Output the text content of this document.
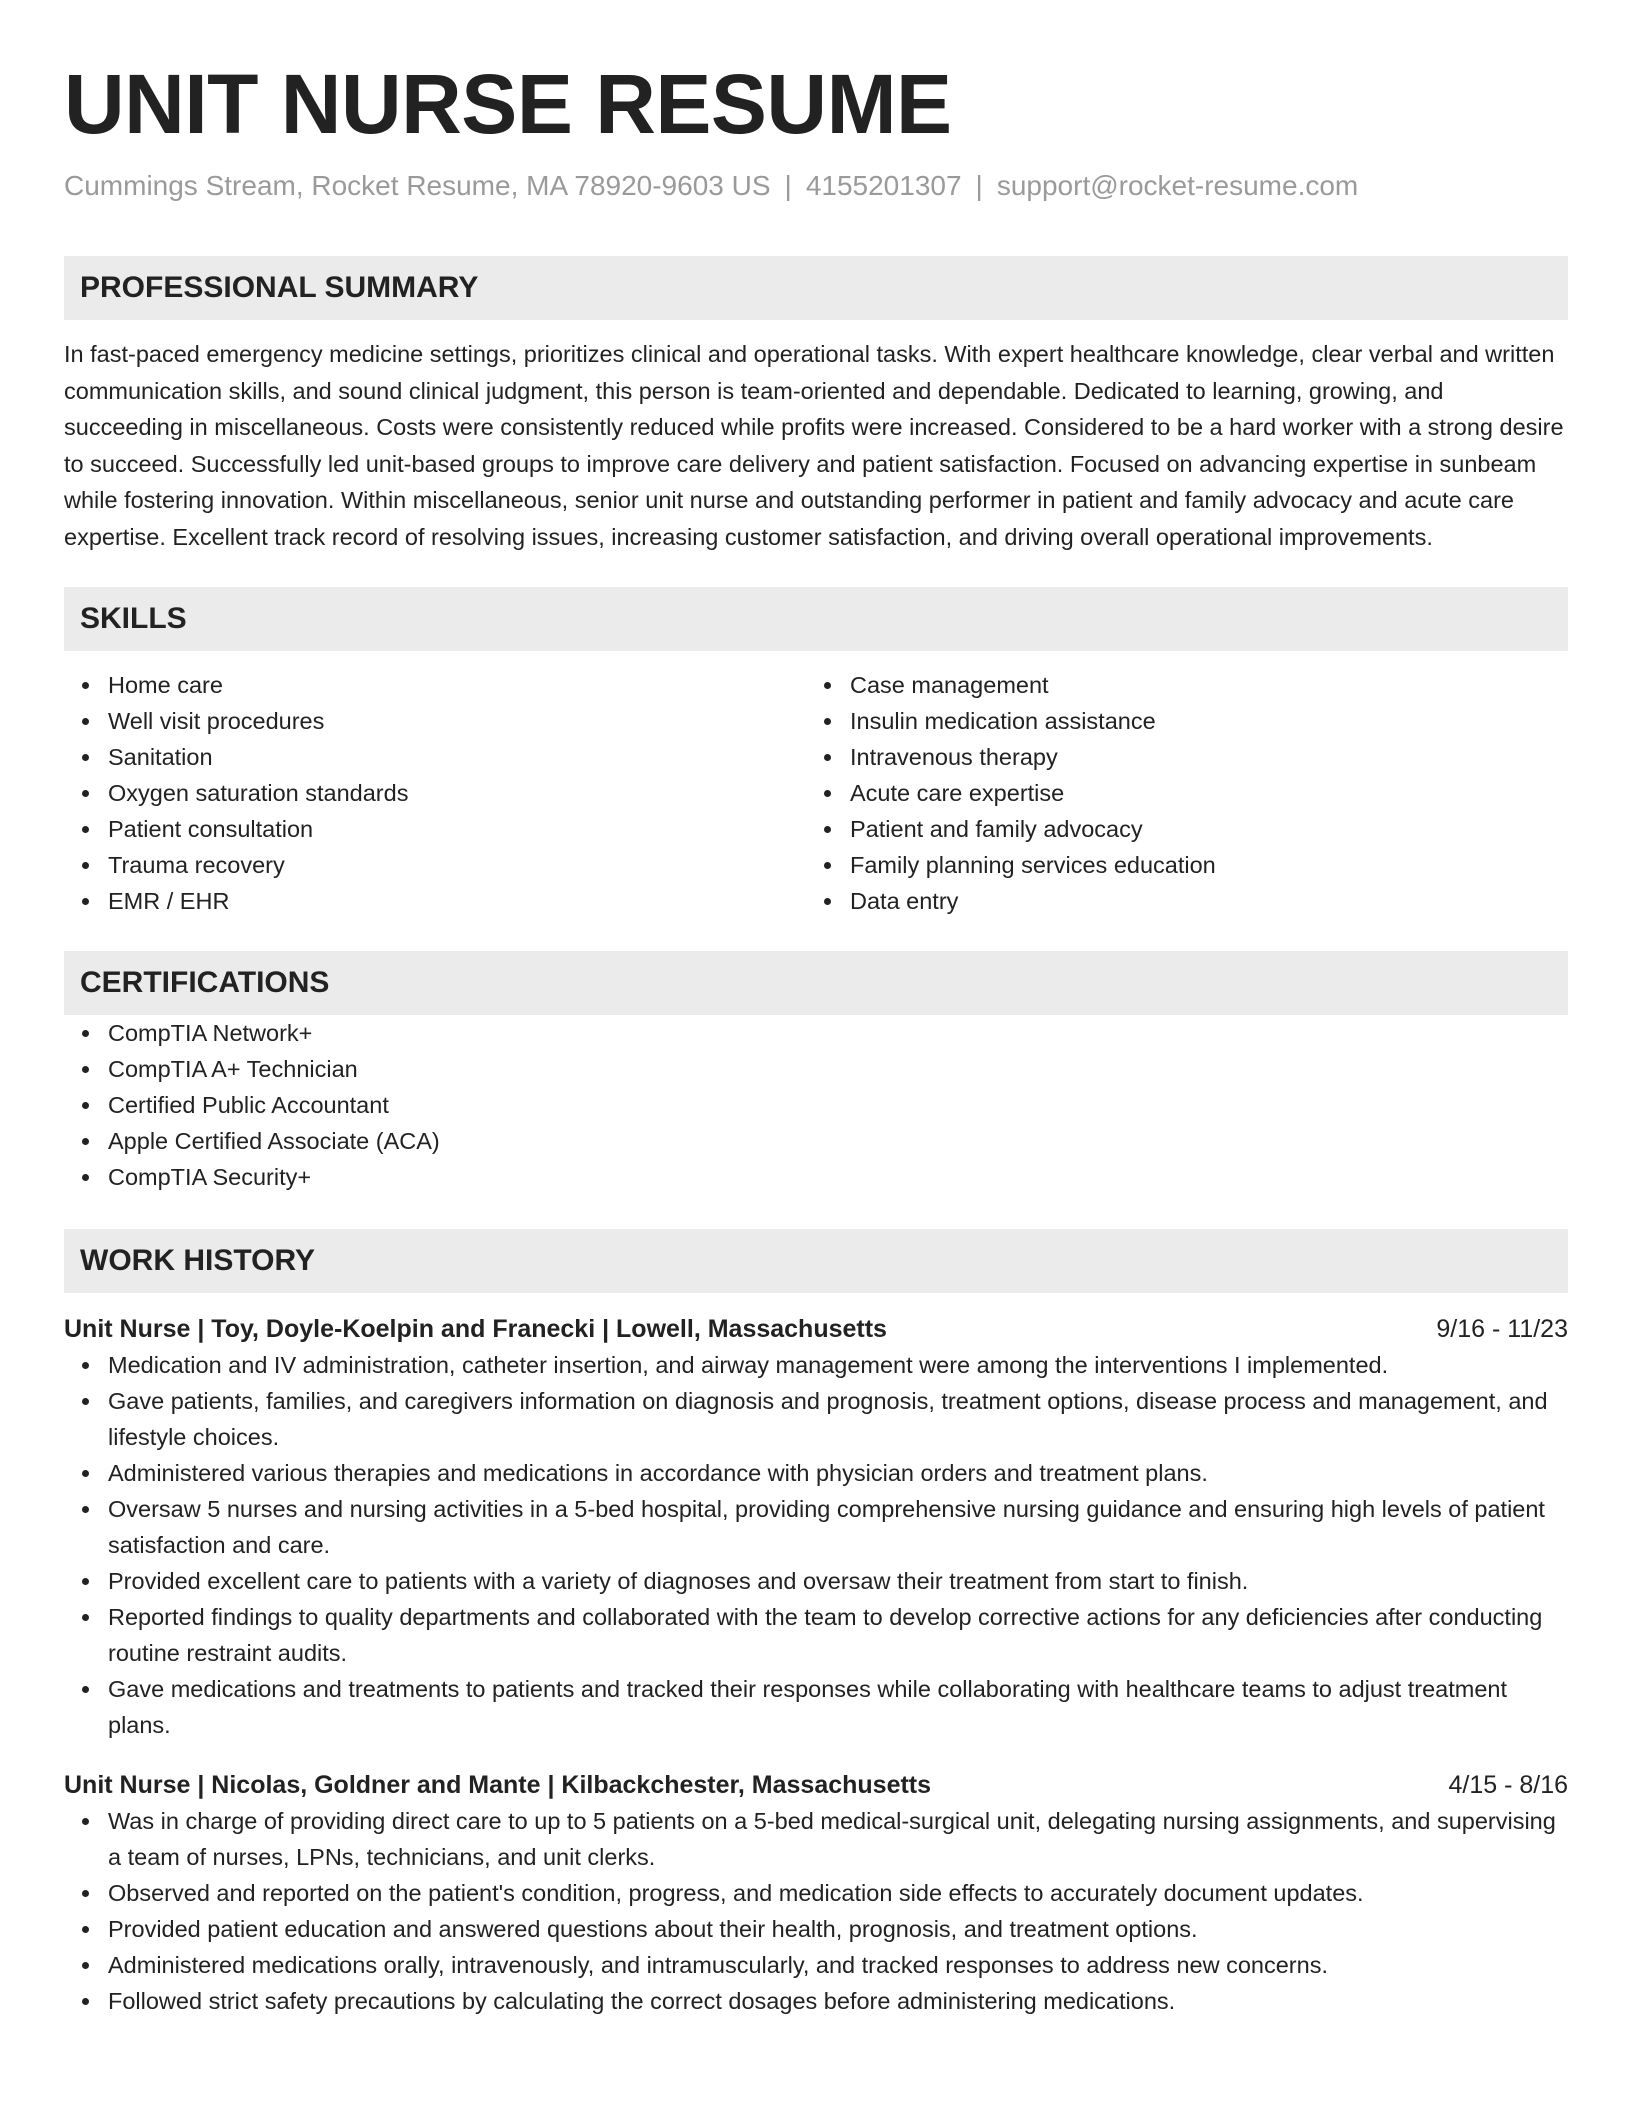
UNIT NURSE RESUME
Cummings Stream, Rocket Resume, MA 78920-9603 US | 4155201307 | support@rocket-resume.com
PROFESSIONAL SUMMARY

In fast-paced emergency medicine settings, prioritizes clinical and operational tasks. With expert healthcare knowledge, clear verbal and written communication skills, and sound clinical judgment, this person is team-oriented and dependable. Dedicated to learning, growing, and succeeding in miscellaneous. Costs were consistently reduced while profits were increased. Considered to be a hard worker with a strong desire to succeed. Successfully led unit-based groups to improve care delivery and patient satisfaction. Focused on advancing expertise in sunbeam while fostering innovation. Within miscellaneous, senior unit nurse and outstanding performer in patient and family advocacy and acute care expertise. Excellent track record of resolving issues, increasing customer satisfaction, and driving overall operational improvements.

SKILLS
Home care
Well visit procedures
Sanitation
Oxygen saturation standards
Patient consultation
Trauma recovery
EMR / EHR
Case management
Insulin medication assistance
Intravenous therapy
Acute care expertise
Patient and family advocacy
Family planning services education
Data entry
CERTIFICATIONS
CompTIA Network+
CompTIA A+ Technician
Certified Public Accountant
Apple Certified Associate (ACA)
CompTIA Security+
WORK HISTORY
Unit Nurse | Toy, Doyle-Koelpin and Franecki | Lowell, Massachusetts	9/16 - 11/23
Medication and IV administration, catheter insertion, and airway management were among the interventions I implemented.
Gave patients, families, and caregivers information on diagnosis and prognosis, treatment options, disease process and management, and lifestyle choices.
Administered various therapies and medications in accordance with physician orders and treatment plans.
Oversaw 5 nurses and nursing activities in a 5-bed hospital, providing comprehensive nursing guidance and ensuring high levels of patient satisfaction and care.
Provided excellent care to patients with a variety of diagnoses and oversaw their treatment from start to finish.
Reported findings to quality departments and collaborated with the team to develop corrective actions for any deficiencies after conducting routine restraint audits.
Gave medications and treatments to patients and tracked their responses while collaborating with healthcare teams to adjust treatment plans.
Unit Nurse | Nicolas, Goldner and Mante | Kilbackchester, Massachusetts	4/15 - 8/16
Was in charge of providing direct care to up to 5 patients on a 5-bed medical-surgical unit, delegating nursing assignments, and supervising a team of nurses, LPNs, technicians, and unit clerks.
Observed and reported on the patient's condition, progress, and medication side effects to accurately document updates.
Provided patient education and answered questions about their health, prognosis, and treatment options.
Administered medications orally, intravenously, and intramuscularly, and tracked responses to address new concerns.
Followed strict safety precautions by calculating the correct dosages before administering medications.
